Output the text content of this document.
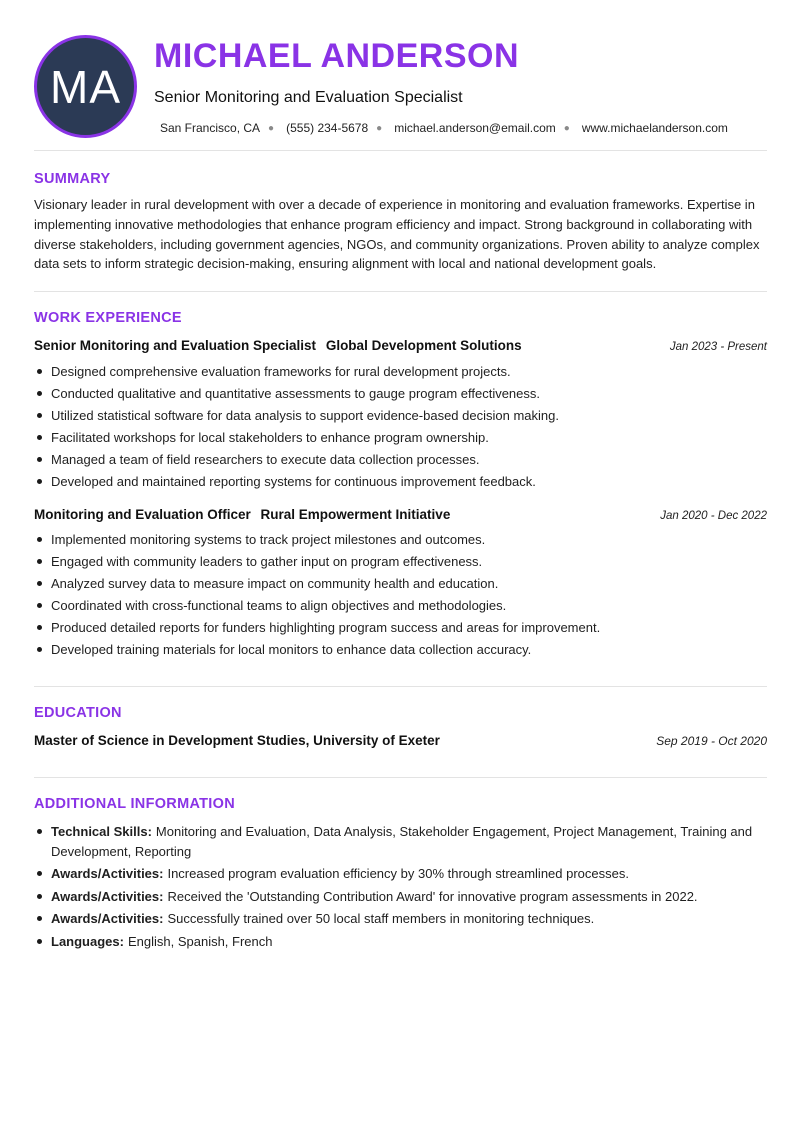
MA
MICHAEL ANDERSON
Senior Monitoring and Evaluation Specialist
San Francisco, CA ● (555) 234-5678 ● michael.anderson@email.com ● www.michaelanderson.com
SUMMARY
Visionary leader in rural development with over a decade of experience in monitoring and evaluation frameworks. Expertise in implementing innovative methodologies that enhance program efficiency and impact. Strong background in collaborating with diverse stakeholders, including government agencies, NGOs, and community organizations. Proven ability to analyze complex data sets to inform strategic decision-making, ensuring alignment with local and national development goals.
WORK EXPERIENCE
Senior Monitoring and Evaluation Specialist Global Development Solutions	Jan 2023 - Present
Designed comprehensive evaluation frameworks for rural development projects.
Conducted qualitative and quantitative assessments to gauge program effectiveness.
Utilized statistical software for data analysis to support evidence-based decision making.
Facilitated workshops for local stakeholders to enhance program ownership.
Managed a team of field researchers to execute data collection processes.
Developed and maintained reporting systems for continuous improvement feedback.
Monitoring and Evaluation Officer Rural Empowerment Initiative	Jan 2020 - Dec 2022
Implemented monitoring systems to track project milestones and outcomes.
Engaged with community leaders to gather input on program effectiveness.
Analyzed survey data to measure impact on community health and education.
Coordinated with cross-functional teams to align objectives and methodologies.
Produced detailed reports for funders highlighting program success and areas for improvement.
Developed training materials for local monitors to enhance data collection accuracy.
EDUCATION
Master of Science in Development Studies, University of Exeter	Sep 2019 - Oct 2020
ADDITIONAL INFORMATION
Technical Skills: Monitoring and Evaluation, Data Analysis, Stakeholder Engagement, Project Management, Training and Development, Reporting
Awards/Activities: Increased program evaluation efficiency by 30% through streamlined processes.
Awards/Activities: Received the 'Outstanding Contribution Award' for innovative program assessments in 2022.
Awards/Activities: Successfully trained over 50 local staff members in monitoring techniques.
Languages: English, Spanish, French
